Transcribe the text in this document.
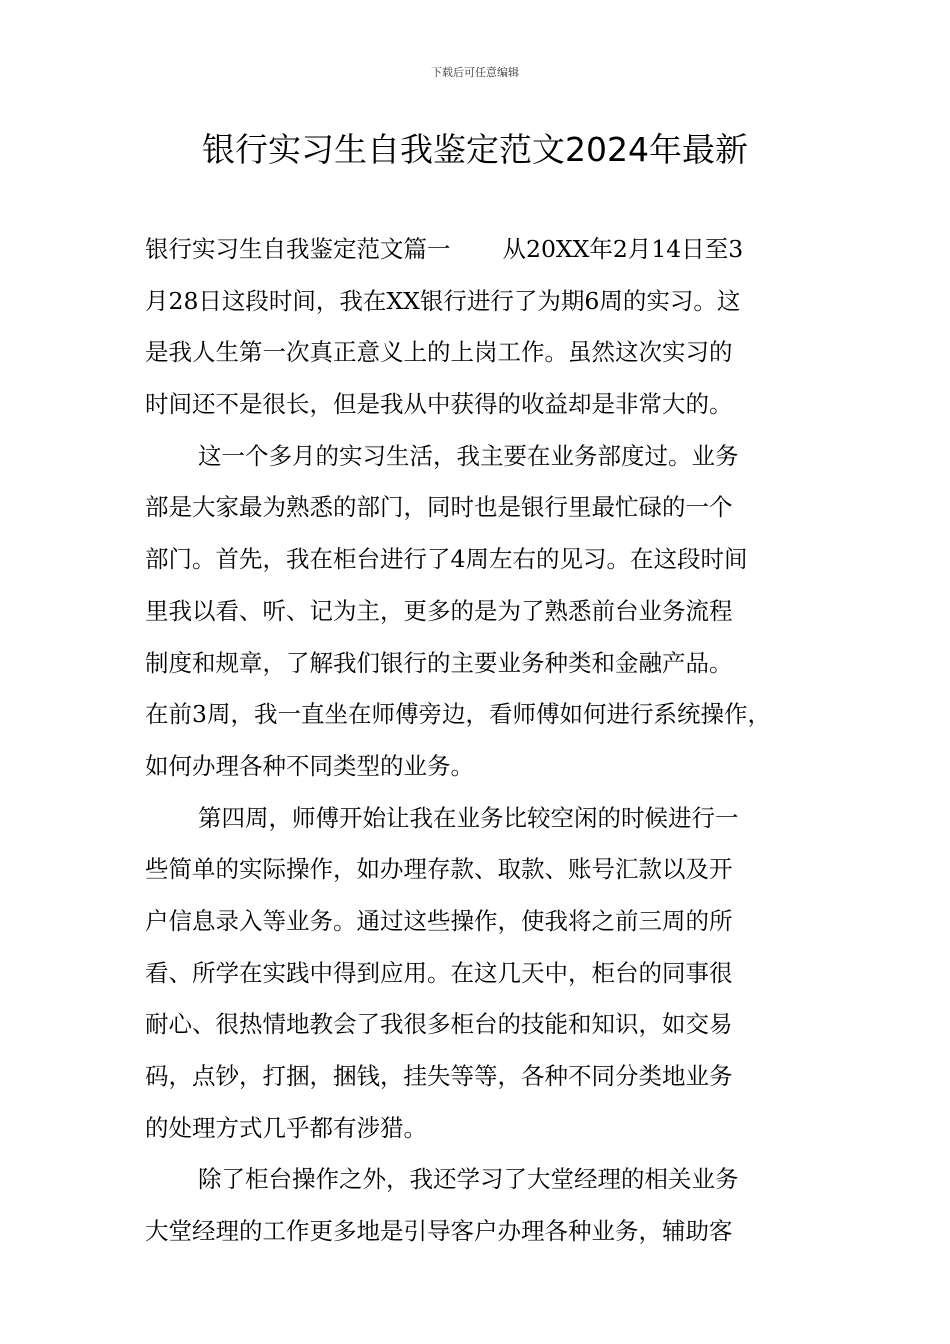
下载后可任意编辑
银行实习生自我鉴定范文2024年最新
银行实习生自我鉴定范文篇一 从20XX年2月14日至3
月28日这段时间，我在XX银行进行了为期6周的实习。这
是我人生第一次真正意义上的上岗工作。虽然这次实习的
时间还不是很长，但是我从中获得的收益却是非常大的。
这一个多月的实习生活，我主要在业务部度过。业务
部是大家最为熟悉的部门，同时也是银行里最忙碌的一个
部门。首先，我在柜台进行了4周左右的见习。在这段时间
里我以看、听、记为主，更多的是为了熟悉前台业务流程
制度和规章，了解我们银行的主要业务种类和金融产品。
在前3周，我一直坐在师傅旁边，看师傅如何进行系统操作，
如何办理各种不同类型的业务。
第四周，师傅开始让我在业务比较空闲的时候进行一
些简单的实际操作，如办理存款、取款、账号汇款以及开
户信息录入等业务。通过这些操作，使我将之前三周的所
看、所学在实践中得到应用。在这几天中，柜台的同事很
耐心、很热情地教会了我很多柜台的技能和知识，如交易
码，点钞，打捆，捆钱，挂失等等，各种不同分类地业务
的处理方式几乎都有涉猎。
除了柜台操作之外，我还学习了大堂经理的相关业务
大堂经理的工作更多地是引导客户办理各种业务，辅助客
